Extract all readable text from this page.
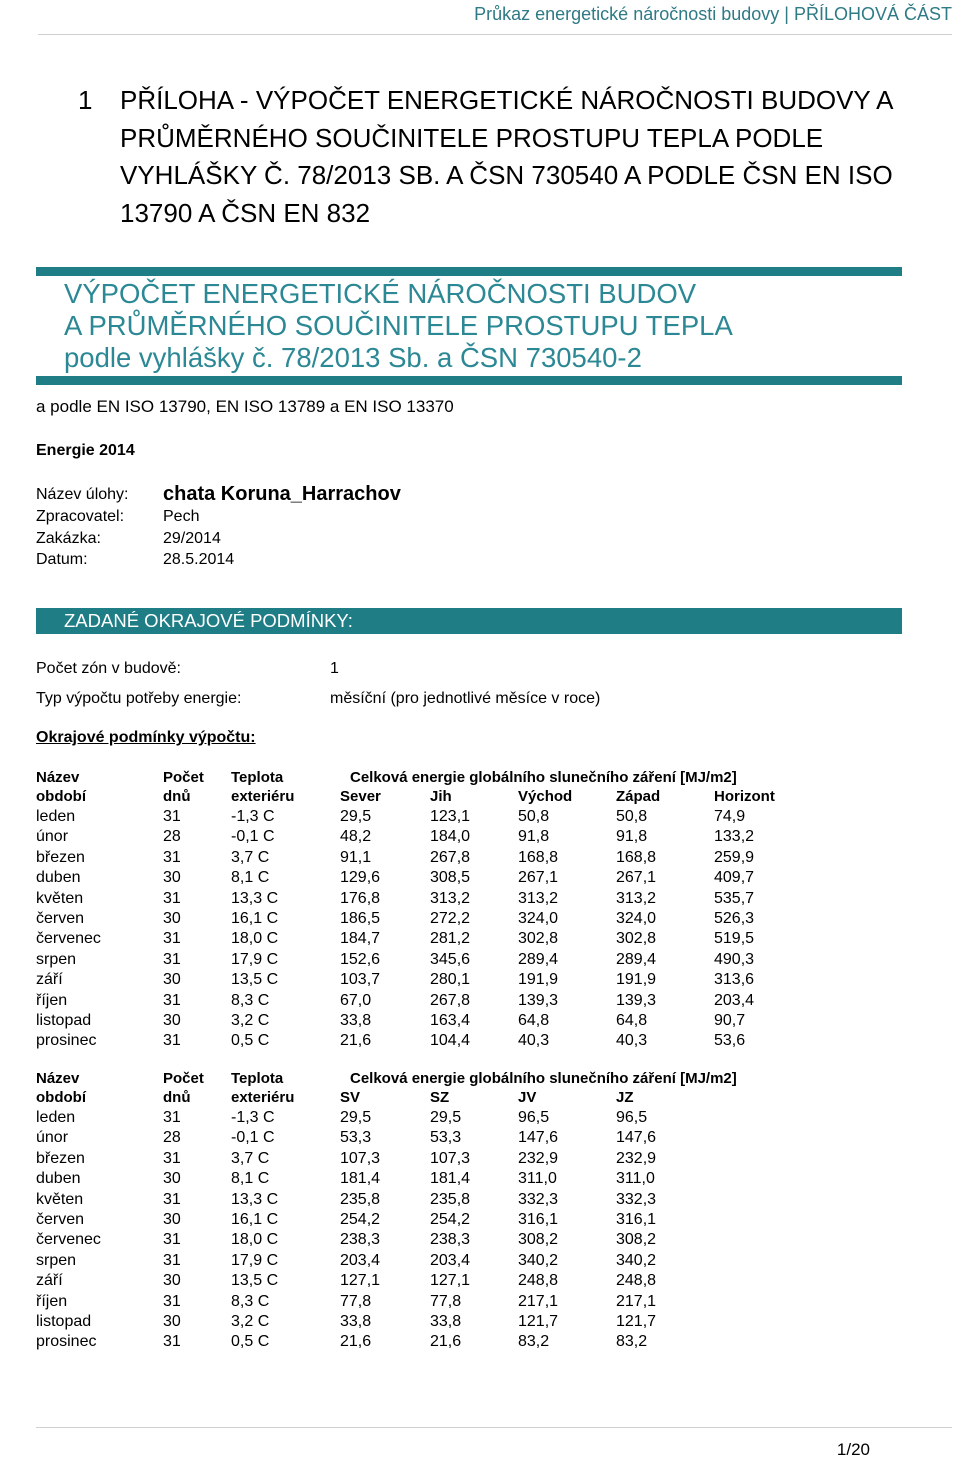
Průkaz energetické náročnosti budovy | PŘÍLOHOVÁ ČÁST
1 PŘÍLOHA - VÝPOČET ENERGETICKÉ NÁROČNOSTI BUDOVY A
PRŮMĚRNÉHO SOUČINITELE PROSTUPU TEPLA PODLE
VYHLÁŠKY Č. 78/2013 SB. A ČSN 730540 A PODLE ČSN EN ISO
13790 A ČSN EN 832
VÝPOČET ENERGETICKÉ NÁROČNOSTI BUDOV
A PRŮMĚRNÉHO SOUČINITELE PROSTUPU TEPLA
podle vyhlášky č. 78/2013 Sb. a ČSN 730540-2
a podle EN ISO 13790, EN ISO 13789 a EN ISO 13370
Energie 2014
Název úlohy: chata Koruna_Harrachov
Zpracovatel: Pech
Zakázka:	29/2014
Datum:	28.5.2014
ZADANÉ OKRAJOVÉ PODMÍNKY:
Počet zón v budově:	1
Typ výpočtu potřeby energie:	měsíční (pro jednotlivé měsíce v roce)
Okrajové podmínky výpočtu:
Název	Počet Teplota	Celková energie globálního slunečního záření [MJ/m2]
období	dnů	exteriéru	Sever	Jih	Východ	Západ	Horizont
leden	31	-1,3 C	29,5	123,1	50,8	50,8	74,9
únor	28	-0,1 C	48,2	184,0	91,8	91,8	133,2
březen	31	3,7 C	91,1	267,8	168,8	168,8	259,9
duben	30	8,1 C	129,6	308,5	267,1	267,1	409,7
květen	31	13,3 C	176,8	313,2	313,2	313,2	535,7
červen	30	16,1 C	186,5	272,2	324,0	324,0	526,3
červenec	31	18,0 C	184,7	281,2	302,8	302,8	519,5
srpen	31	17,9 C	152,6	345,6	289,4	289,4	490,3
září	30	13,5 C	103,7	280,1	191,9	191,9	313,6
říjen	31	8,3 C	67,0	267,8	139,3	139,3	203,4
listopad	30	3,2 C	33,8	163,4	64,8	64,8	90,7
prosinec	31	0,5 C	21,6	104,4	40,3	40,3	53,6
Název	Počet Teplota	Celková energie globálního slunečního záření [MJ/m2]
období	dnů	exteriéru	SV	SZ	JV	JZ
leden	31	-1,3 C	29,5	29,5	96,5	96,5
únor	28	-0,1 C	53,3	53,3	147,6	147,6
březen	31	3,7 C	107,3	107,3	232,9	232,9
duben	30	8,1 C	181,4	181,4	311,0	311,0
květen	31	13,3 C	235,8	235,8	332,3	332,3
červen	30	16,1 C	254,2	254,2	316,1	316,1
červenec	31	18,0 C	238,3	238,3	308,2	308,2
srpen	31	17,9 C	203,4	203,4	340,2	340,2
září	30	13,5 C	127,1	127,1	248,8	248,8
říjen	31	8,3 C	77,8	77,8	217,1	217,1
listopad	30	3,2 C	33,8	33,8	121,7	121,7
prosinec	31	0,5 C	21,6	21,6	83,2	83,2
1/20
